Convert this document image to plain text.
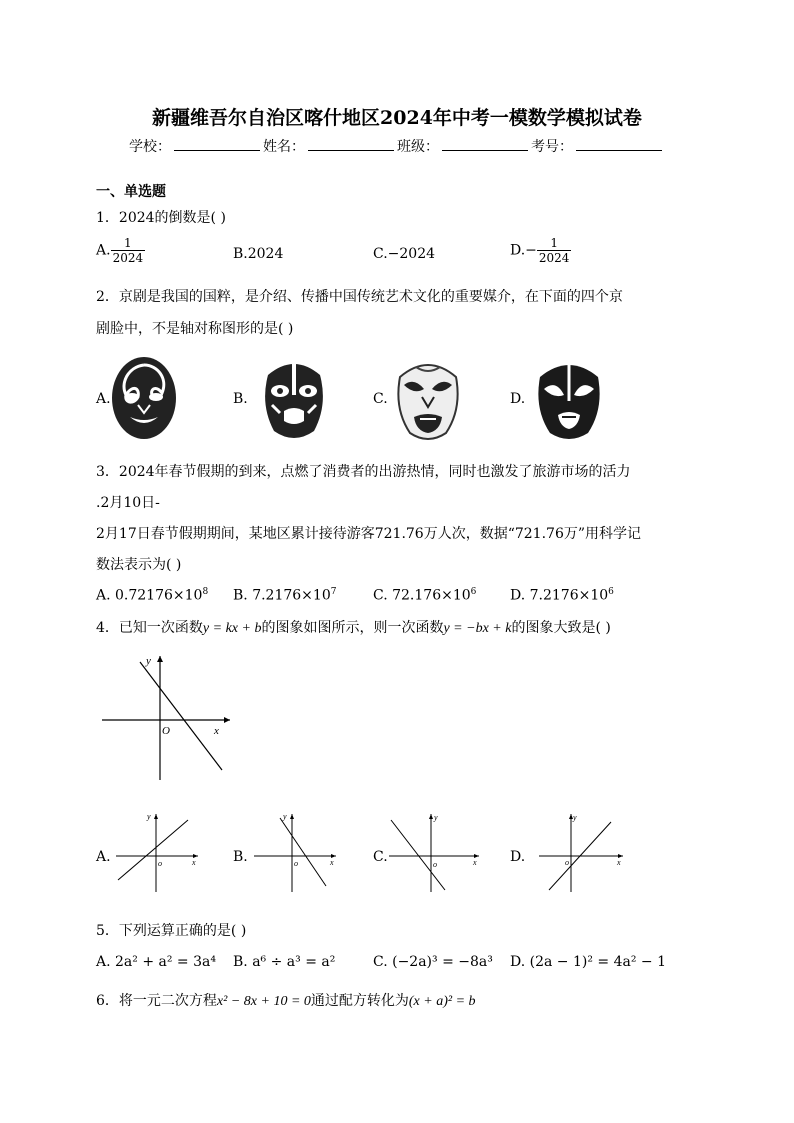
新疆维吾尔自治区喀什地区2024年中考一模数学模拟试卷
学校：	姓名：	班级：	考号：
一、单选题
1．2024的倒数是( )
A. $\frac{1}{2024}$	B.2024	C.−2024	$D.- \frac{1}{2024}$
2．京剧是我国的国粹，是介绍、传播中国传统艺术文化的重要媒介，在下面的四个京
剧脸中，不是轴对称图形的是( )
A.	B.	C.	D.
3．2024年春节假期的到来，点燃了消费者的出游热情，同时也激发了旅游市场的活力
.2月10日-
2月17日春节假期期间，某地区累计接待游客721.76万人次，数据“721.76万”用科学记
数法表示为( )
A. $0.72176\times 10^8$ B. $7.2176\times 10^7$	C. $72.176\times 10^6$ D. $7.2176\times 10^6$
4．已知一次函数y = kx + b的图象如图所示，则一次函数y = −bx + k的图象大致是( )
y
x
O
A.
y
x
o	B.
y
x
o	C.
y
x
o	D.
y
x
o
5．下列运算正确的是( )
A. 2a² + a² = 3a⁴ B. a⁶ ÷ a³ = a²	C. (−2a)³ = −8a³ D. (2a − 1)² = 4a² − 1
6．将一元二次方程x² − 8x + 10 = 0通过配方转化为(x + a)² = b
